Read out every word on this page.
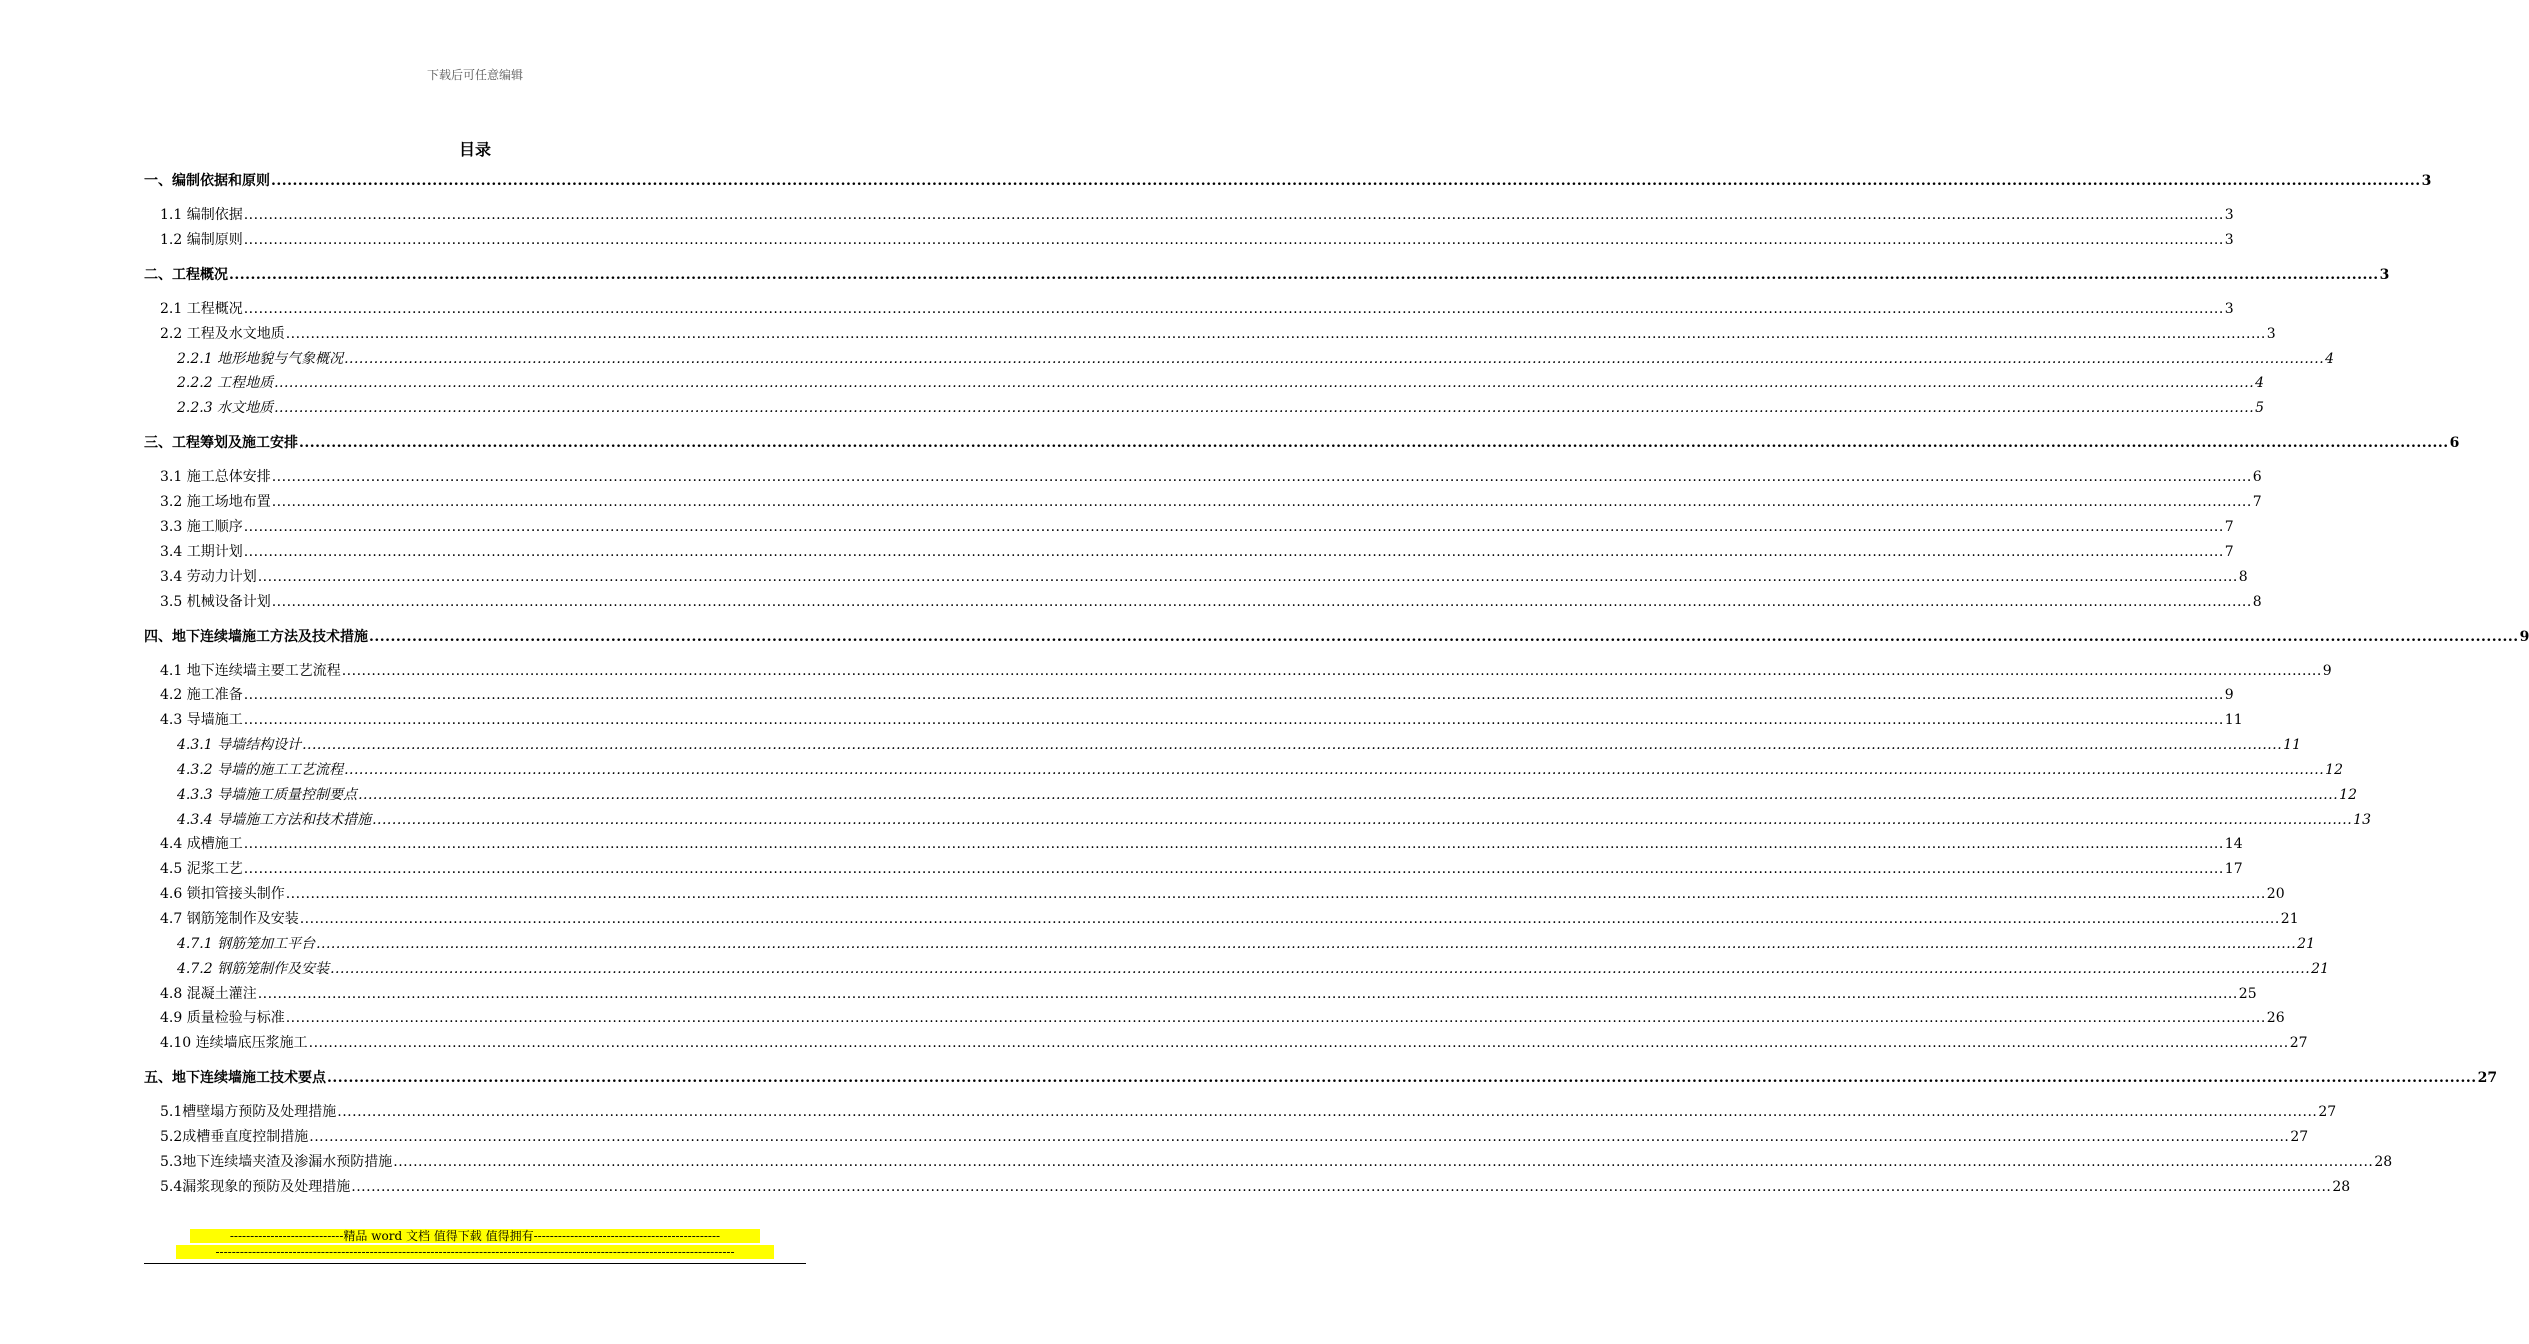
下载后可任意编辑
目录
一、编制依据和原则 ................................................................................................................................................................................................................................................................................................................................................................................................................ 3
1.1 编制依据 ................................................................................................................................................................................................................................................................................................................................................................................................................ 3
1.2 编制原则 ................................................................................................................................................................................................................................................................................................................................................................................................................ 3
二、工程概况 ................................................................................................................................................................................................................................................................................................................................................................................................................ 3
2.1 工程概况 ................................................................................................................................................................................................................................................................................................................................................................................................................ 3
2.2 工程及水文地质 ................................................................................................................................................................................................................................................................................................................................................................................................................ 3
2.2.1 地形地貌与气象概况 ................................................................................................................................................................................................................................................................................................................................................................................................................ 4
2.2.2 工程地质 ................................................................................................................................................................................................................................................................................................................................................................................................................ 4
2.2.3 水文地质 ................................................................................................................................................................................................................................................................................................................................................................................................................ 5
三、工程筹划及施工安排 ................................................................................................................................................................................................................................................................................................................................................................................................................ 6
3.1 施工总体安排 ................................................................................................................................................................................................................................................................................................................................................................................................................ 6
3.2 施工场地布置 ................................................................................................................................................................................................................................................................................................................................................................................................................ 7
3.3 施工顺序 ................................................................................................................................................................................................................................................................................................................................................................................................................ 7
3.4 工期计划 ................................................................................................................................................................................................................................................................................................................................................................................................................ 7
3.4 劳动力计划 ................................................................................................................................................................................................................................................................................................................................................................................................................ 8
3.5 机械设备计划 ................................................................................................................................................................................................................................................................................................................................................................................................................ 8
四、地下连续墙施工方法及技术措施 ................................................................................................................................................................................................................................................................................................................................................................................................................ 9
4.1 地下连续墙主要工艺流程 ................................................................................................................................................................................................................................................................................................................................................................................................................ 9
4.2 施工准备 ................................................................................................................................................................................................................................................................................................................................................................................................................ 9
4.3 导墙施工 ................................................................................................................................................................................................................................................................................................................................................................................................................ 11
4.3.1 导墙结构设计 ................................................................................................................................................................................................................................................................................................................................................................................................................ 11
4.3.2 导墙的施工工艺流程 ................................................................................................................................................................................................................................................................................................................................................................................................................ 12
4.3.3 导墙施工质量控制要点 ................................................................................................................................................................................................................................................................................................................................................................................................................ 12
4.3.4 导墙施工方法和技术措施 ................................................................................................................................................................................................................................................................................................................................................................................................................ 13
4.4 成槽施工 ................................................................................................................................................................................................................................................................................................................................................................................................................ 14
4.5 泥浆工艺 ................................................................................................................................................................................................................................................................................................................................................................................................................ 17
4.6 锁扣管接头制作 ................................................................................................................................................................................................................................................................................................................................................................................................................ 20
4.7 钢筋笼制作及安装 ................................................................................................................................................................................................................................................................................................................................................................................................................ 21
4.7.1 钢筋笼加工平台 ................................................................................................................................................................................................................................................................................................................................................................................................................ 21
4.7.2 钢筋笼制作及安装 ................................................................................................................................................................................................................................................................................................................................................................................................................ 21
4.8 混凝土灌注 ................................................................................................................................................................................................................................................................................................................................................................................................................ 25
4.9 质量检验与标准 ................................................................................................................................................................................................................................................................................................................................................................................................................ 26
4.10 连续墙底压浆施工 ................................................................................................................................................................................................................................................................................................................................................................................................................ 27
五、地下连续墙施工技术要点 ................................................................................................................................................................................................................................................................................................................................................................................................................ 27
5.1槽壁塌方预防及处理措施 ................................................................................................................................................................................................................................................................................................................................................................................................................ 27
5.2成槽垂直度控制措施 ................................................................................................................................................................................................................................................................................................................................................................................................................ 27
5.3地下连续墙夹渣及渗漏水预防措施 ................................................................................................................................................................................................................................................................................................................................................................................................................ 28
5.4漏浆现象的预防及处理措施 ................................................................................................................................................................................................................................................................................................................................................................................................................ 28
----------------------------精品 word 文档 值得下载 值得拥有----------------------------------------------
--------------------------------------------------------------------------------------------------------------------------------
